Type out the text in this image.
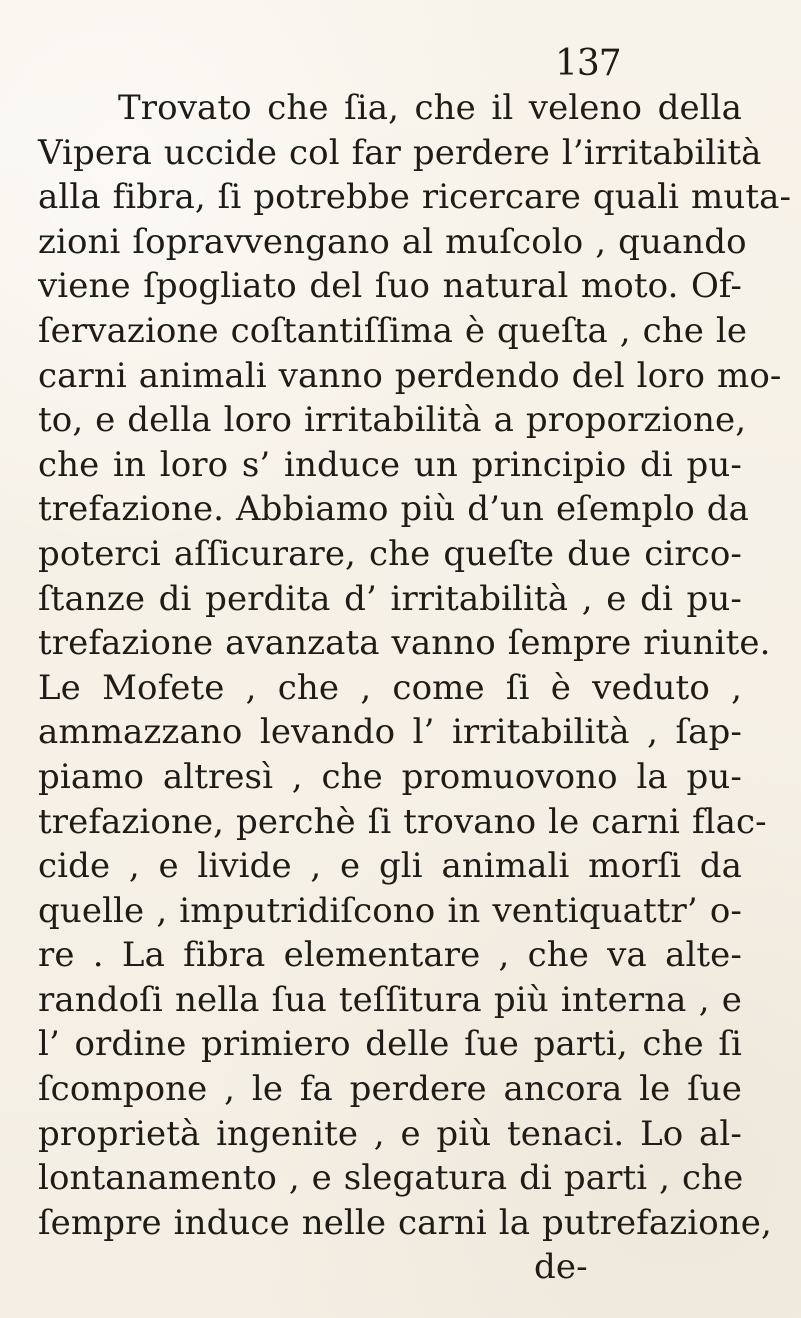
137
Trovato che ſia, che il veleno della
Vipera uccide col far perdere l’irritabilità
alla fibra, ſi potrebbe ricercare quali muta-
zioni ſopravvengano al muſcolo , quando
viene ſpogliato del ſuo natural moto. Of-
ſervazione coſtantiſſima è queſta , che le
carni animali vanno perdendo del loro mo-
to, e della loro irritabilità a proporzione,
che in loro s’ induce un principio di pu-
trefazione. Abbiamo più d’un eſemplo da
poterci aſſicurare, che queſte due circo-
ſtanze di perdita d’ irritabilità , e di pu-
trefazione avanzata vanno ſempre riunite.
Le Mofete , che , come ſi è veduto ,
ammazzano levando l’ irritabilità , ſap-
piamo altresì , che promuovono la pu-
trefazione, perchè ſi trovano le carni flac-
cide , e livide , e gli animali morſi da
quelle , imputridiſcono in ventiquattr’ o-
re . La fibra elementare , che va alte-
randoſi nella ſua teſſitura più interna , e
l’ ordine primiero delle ſue parti, che ſi
ſcompone , le fa perdere ancora le ſue
proprietà ingenite , e più tenaci. Lo al-
lontanamento , e slegatura di parti , che
ſempre induce nelle carni la putrefazione,
de-
